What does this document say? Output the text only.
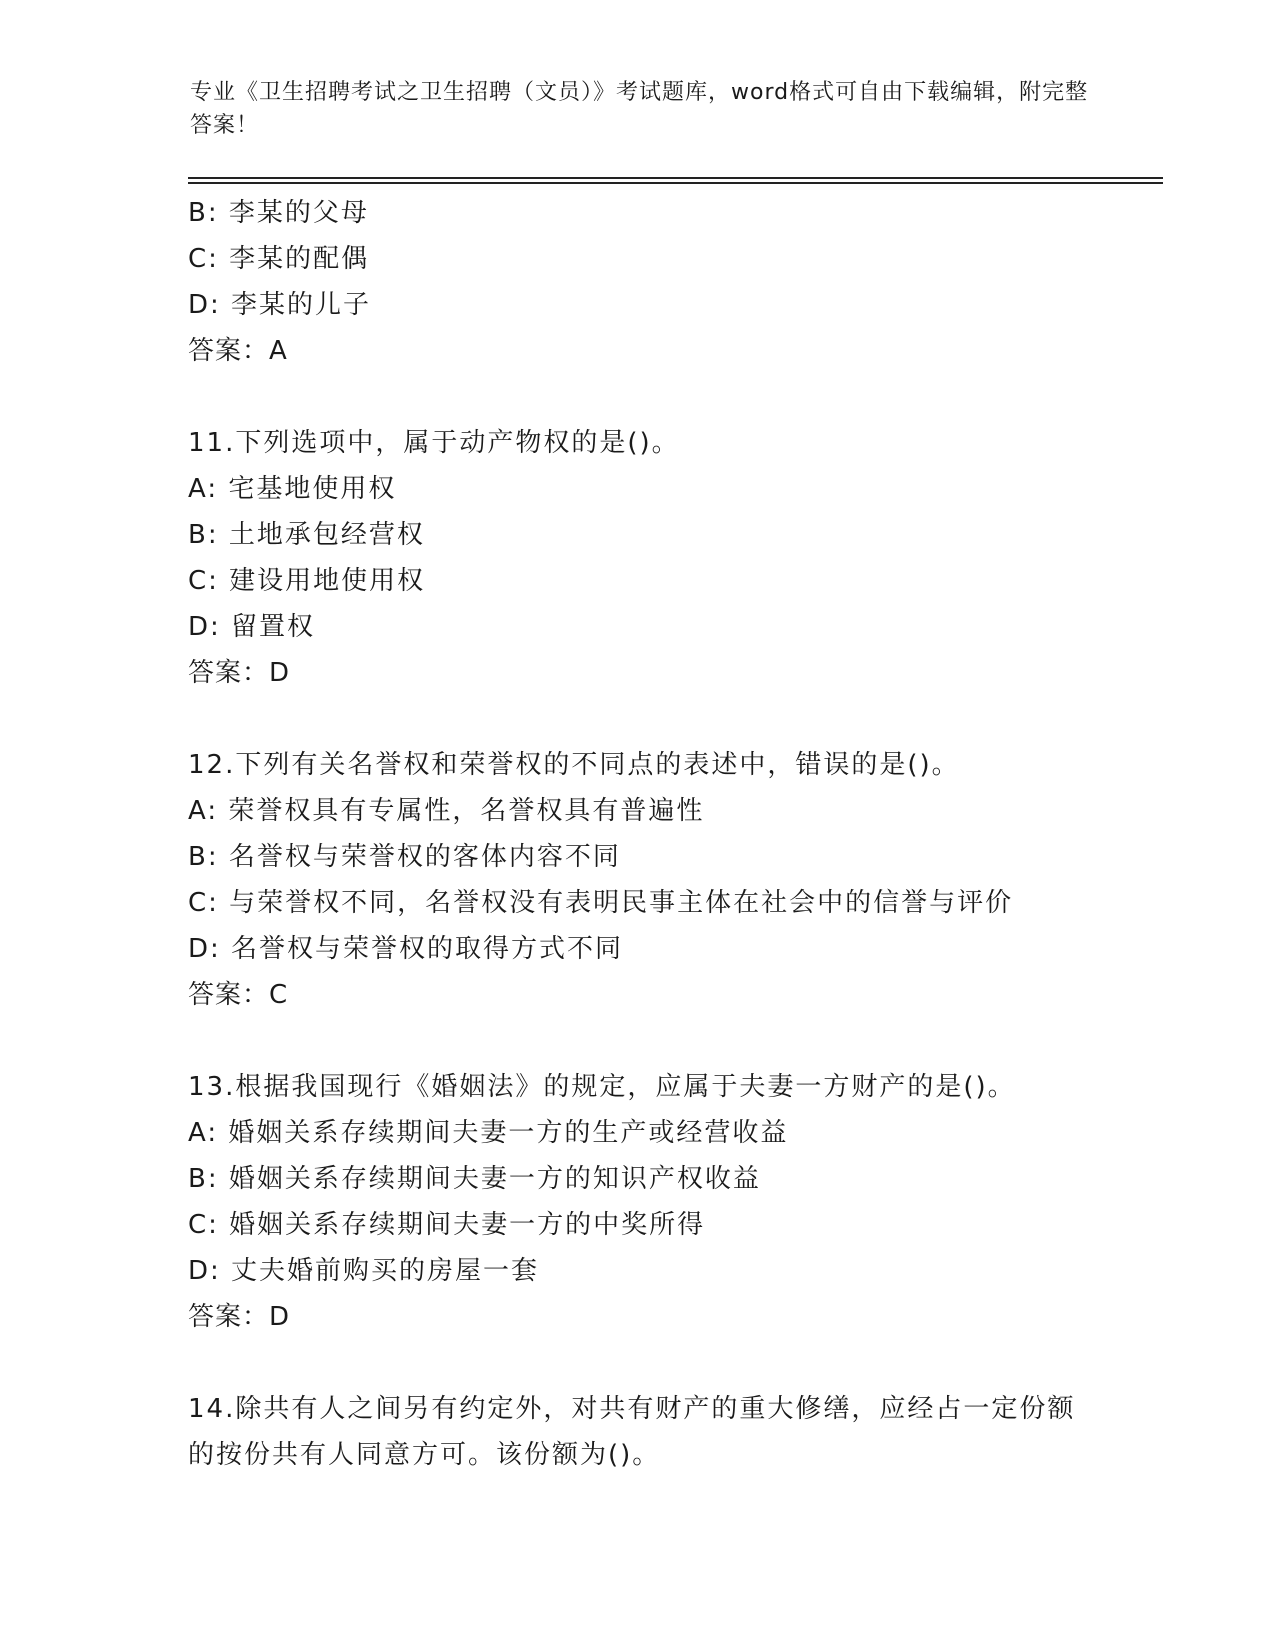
专业《卫生招聘考试之卫生招聘（文员）》考试题库，word格式可自由下载编辑，附完整答案！
B: 李某的父母
C: 李某的配偶
D: 李某的儿子
答案：A
11.下列选项中，属于动产物权的是()。
A: 宅基地使用权
B: 土地承包经营权
C: 建设用地使用权
D: 留置权
答案：D
12.下列有关名誉权和荣誉权的不同点的表述中，错误的是()。
A: 荣誉权具有专属性，名誉权具有普遍性
B: 名誉权与荣誉权的客体内容不同
C: 与荣誉权不同，名誉权没有表明民事主体在社会中的信誉与评价
D: 名誉权与荣誉权的取得方式不同
答案：C
13.根据我国现行《婚姻法》的规定，应属于夫妻一方财产的是()。
A: 婚姻关系存续期间夫妻一方的生产或经营收益
B: 婚姻关系存续期间夫妻一方的知识产权收益
C: 婚姻关系存续期间夫妻一方的中奖所得
D: 丈夫婚前购买的房屋一套
答案：D
14.除共有人之间另有约定外，对共有财产的重大修缮，应经占一定份额的按份共有人同意方可。该份额为()。
